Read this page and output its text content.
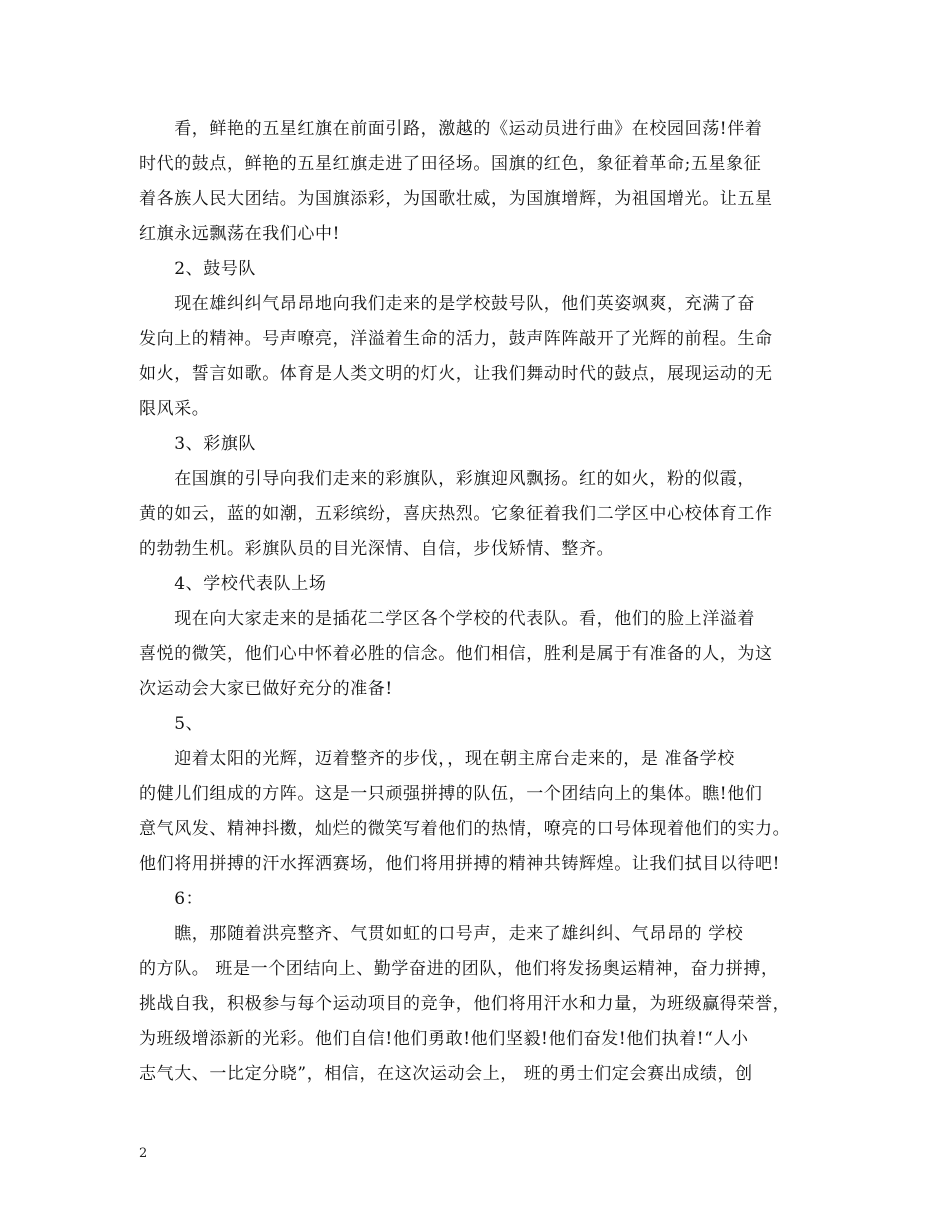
　　看，鲜艳的五星红旗在前面引路，激越的《运动员进行曲》在校园回荡!伴着
时代的鼓点，鲜艳的五星红旗走进了田径场。国旗的红色，象征着革命;五星象征
着各族人民大团结。为国旗添彩，为国歌壮威，为国旗增辉，为祖国增光。让五星
红旗永远飘荡在我们心中!
　　2、鼓号队
　　现在雄纠纠气昂昂地向我们走来的是学校鼓号队，他们英姿飒爽，充满了奋
发向上的精神。号声嘹亮，洋溢着生命的活力，鼓声阵阵敲开了光辉的前程。生命
如火，誓言如歌。体育是人类文明的灯火，让我们舞动时代的鼓点，展现运动的无
限风采。
　　3、彩旗队
　　在国旗的引导向我们走来的彩旗队，彩旗迎风飘扬。红的如火，粉的似霞，
黄的如云，蓝的如潮，五彩缤纷，喜庆热烈。它象征着我们二学区中心校体育工作
的勃勃生机。彩旗队员的目光深情、自信，步伐矫情、整齐。
　　4、学校代表队上场
　　现在向大家走来的是插花二学区各个学校的代表队。看，他们的脸上洋溢着
喜悦的微笑，他们心中怀着必胜的信念。他们相信，胜利是属于有准备的人，为这
次运动会大家已做好充分的准备!
　　5、
　　迎着太阳的光辉，迈着整齐的步伐，，现在朝主席台走来的，是 准备学校
的健儿们组成的方阵。这是一只顽强拼搏的队伍，一个团结向上的集体。瞧!他们
意气风发、精神抖擞，灿烂的微笑写着他们的热情，嘹亮的口号体现着他们的实力。
他们将用拼搏的汗水挥洒赛场，他们将用拼搏的精神共铸辉煌。让我们拭目以待吧!
　　6：
　　瞧，那随着洪亮整齐、气贯如虹的口号声，走来了雄纠纠、气昂昂的 学校
的方队。 班是一个团结向上、勤学奋进的团队，他们将发扬奥运精神，奋力拼搏，
挑战自我，积极参与每个运动项目的竞争，他们将用汗水和力量，为班级赢得荣誉，
为班级增添新的光彩。他们自信!他们勇敢!他们坚毅!他们奋发!他们执着!“人小
志气大、一比定分晓”，相信，在这次运动会上， 班的勇士们定会赛出成绩，创
2
